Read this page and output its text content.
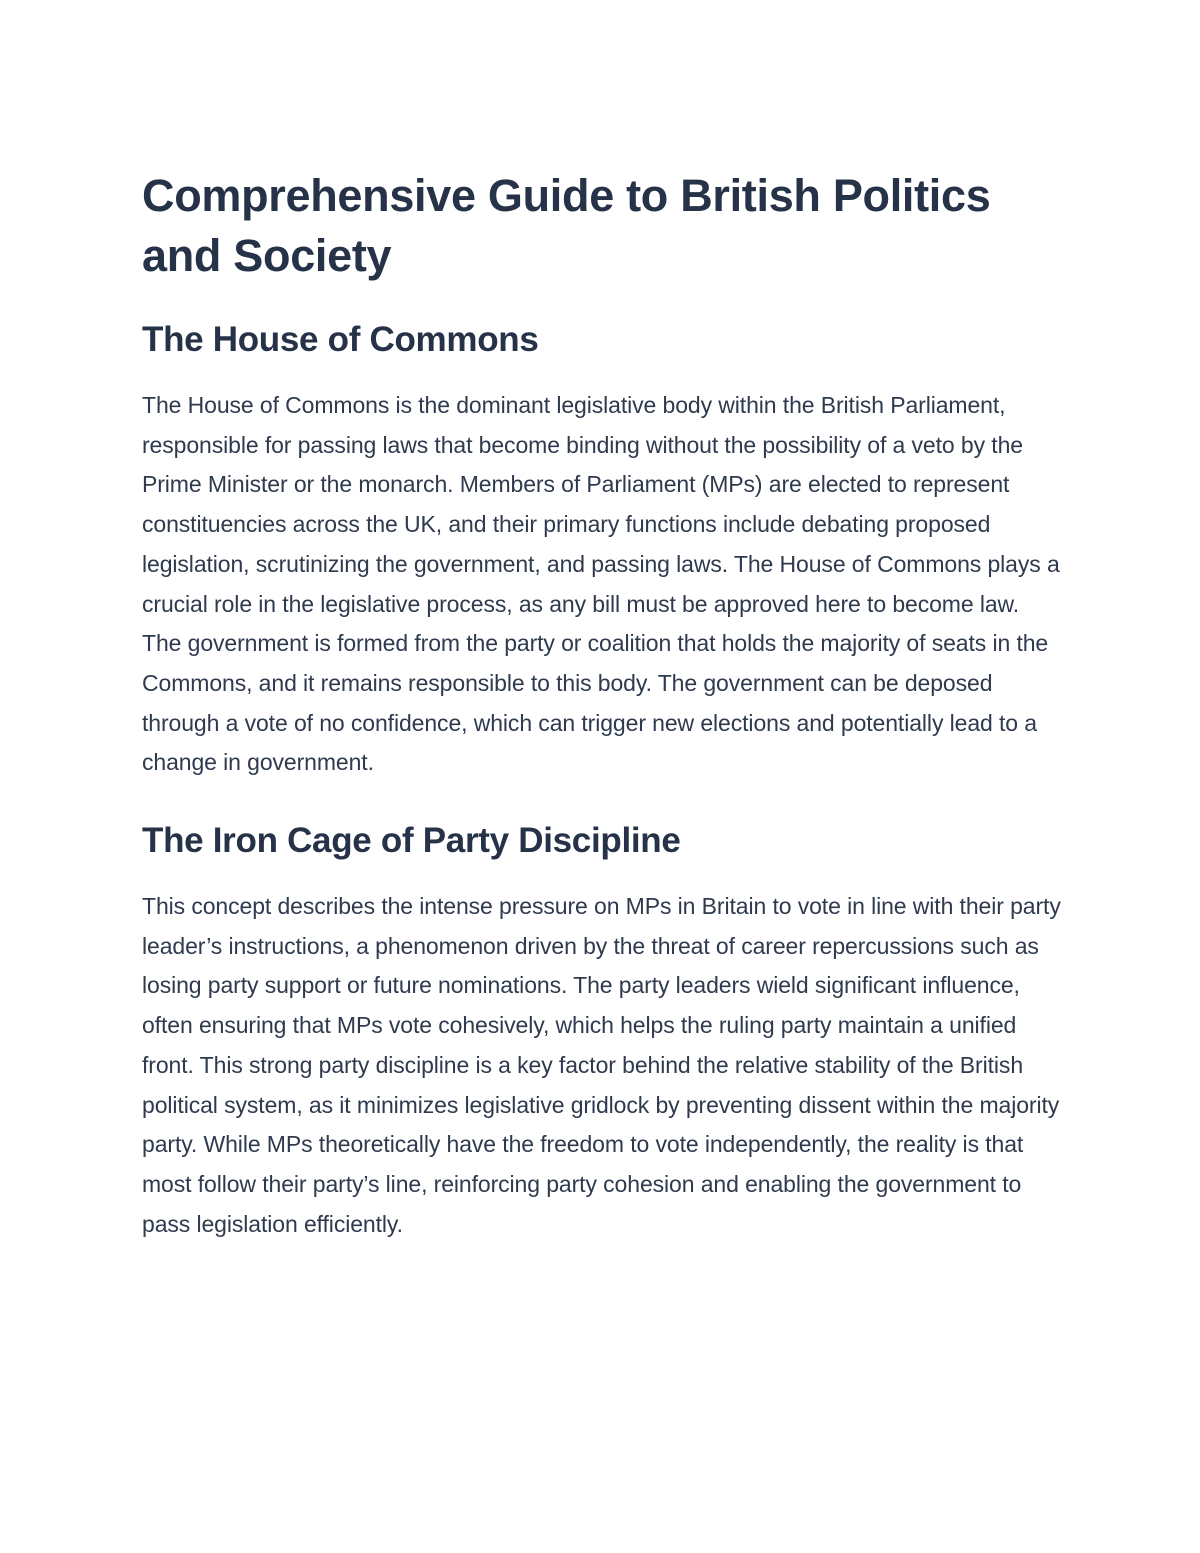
Comprehensive Guide to British Politics and Society
The House of Commons

The House of Commons is the dominant legislative body within the British Parliament, responsible for passing laws that become binding without the possibility of a veto by the Prime Minister or the monarch. Members of Parliament (MPs) are elected to represent constituencies across the UK, and their primary functions include debating proposed legislation, scrutinizing the government, and passing laws. The House of Commons plays a crucial role in the legislative process, as any bill must be approved here to become law. The government is formed from the party or coalition that holds the majority of seats in the Commons, and it remains responsible to this body. The government can be deposed through a vote of no confidence, which can trigger new elections and potentially lead to a change in government.

The Iron Cage of Party Discipline

This concept describes the intense pressure on MPs in Britain to vote in line with their party leader’s instructions, a phenomenon driven by the threat of career repercussions such as losing party support or future nominations. The party leaders wield significant influence, often ensuring that MPs vote cohesively, which helps the ruling party maintain a unified front. This strong party discipline is a key factor behind the relative stability of the British political system, as it minimizes legislative gridlock by preventing dissent within the majority party. While MPs theoretically have the freedom to vote independently, the reality is that most follow their party’s line, reinforcing party cohesion and enabling the government to pass legislation efficiently.
